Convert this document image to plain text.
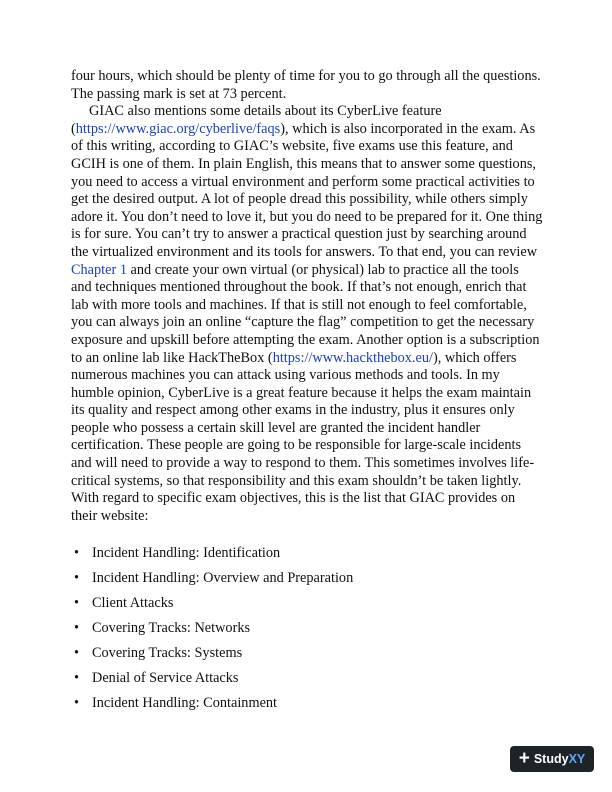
four hours, which should be plenty of time for you to go through all the questions. The passing mark is set at 73 percent.

GIAC also mentions some details about its CyberLive feature (https://www.giac.org/cyberlive/faqs), which is also incorporated in the exam. As of this writing, according to GIAC’s website, five exams use this feature, and GCIH is one of them. In plain English, this means that to answer some questions, you need to access a virtual environment and perform some practical activities to get the desired output. A lot of people dread this possibility, while others simply adore it. You don’t need to love it, but you do need to be prepared for it. One thing is for sure. You can’t try to answer a practical question just by searching around the virtualized environment and its tools for answers. To that end, you can review Chapter 1 and create your own virtual (or physical) lab to practice all the tools and techniques mentioned throughout the book. If that’s not enough, enrich that lab with more tools and machines. If that is still not enough to feel comfortable, you can always join an online “capture the flag” competition to get the necessary exposure and upskill before attempting the exam. Another option is a subscription to an online lab like HackTheBox (https://www.hackthebox.eu/), which offers numerous machines you can attack using various methods and tools. In my humble opinion, CyberLive is a great feature because it helps the exam maintain its quality and respect among other exams in the industry, plus it ensures only people who possess a certain skill level are granted the incident handler certification. These people are going to be responsible for large-scale incidents and will need to provide a way to respond to them. This sometimes involves life-critical systems, so that responsibility and this exam shouldn’t be taken lightly. With regard to specific exam objectives, this is the list that GIAC provides on their website:

• Incident Handling: Identification
• Incident Handling: Overview and Preparation
• Client Attacks
• Covering Tracks: Networks
• Covering Tracks: Systems
• Denial of Service Attacks
• Incident Handling: Containment
+ StudyXY
